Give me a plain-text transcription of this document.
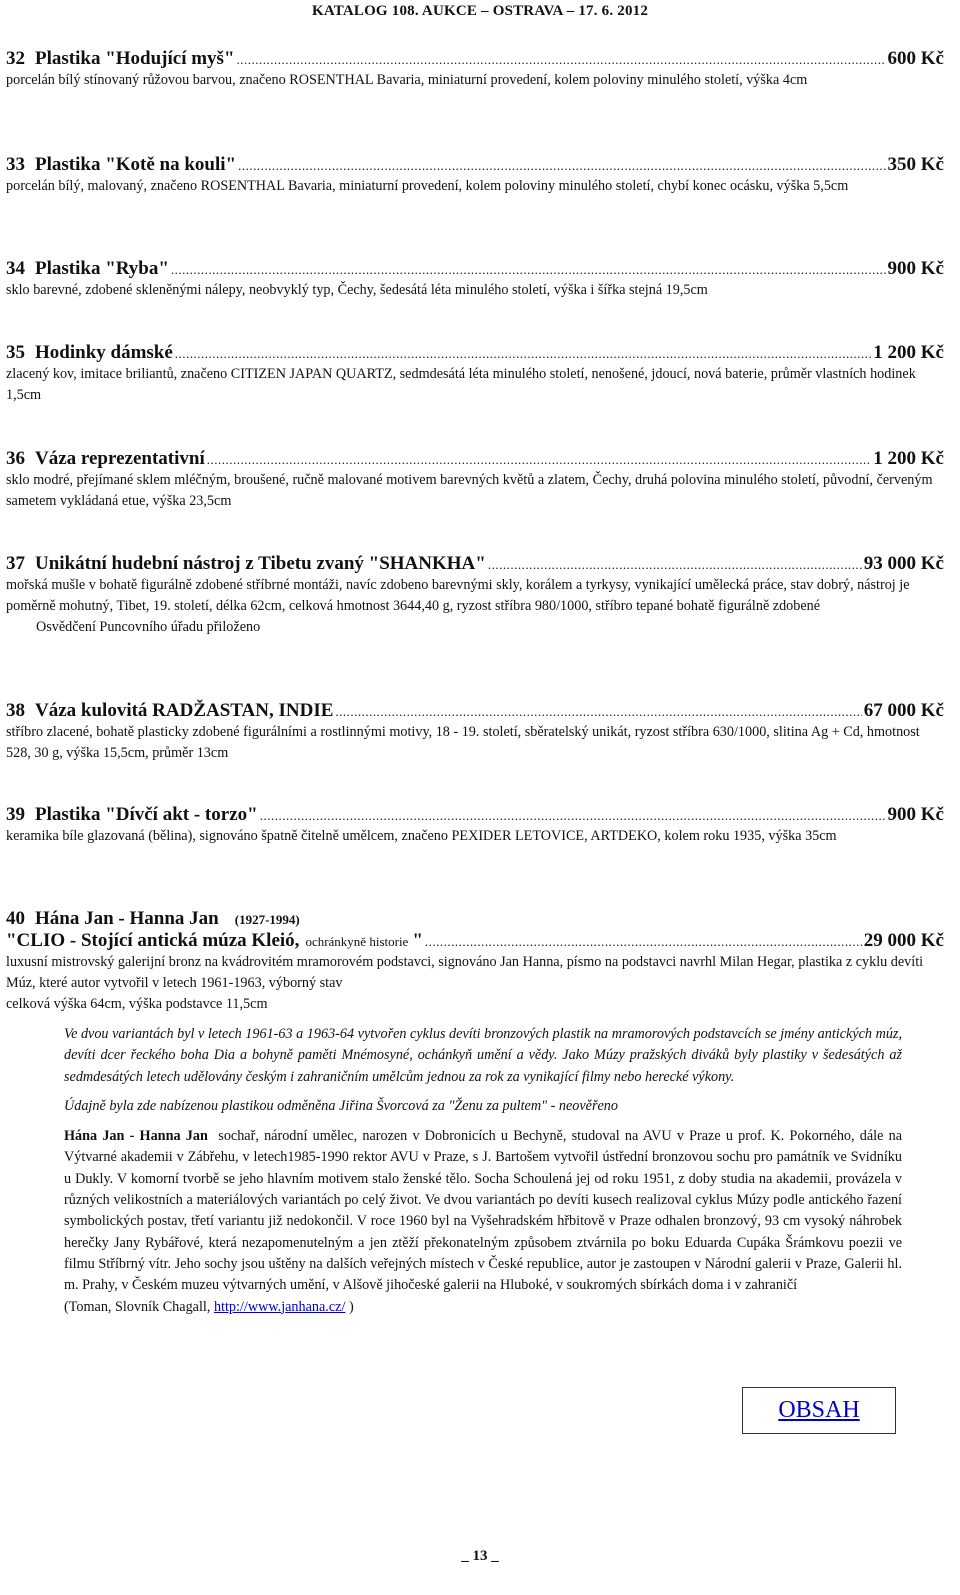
KATALOG 108. AUKCE – OSTRAVA – 17. 6. 2012
32 Plastika "Hodující myš" .....	600 Kč
porcelán bílý stínovaný růžovou barvou, značeno ROSENTHAL Bavaria, miniaturní provedení, kolem poloviny minulého století, výška 4cm
33 Plastika "Kotě na kouli" .....	350 Kč
porcelán bílý, malovaný, značeno ROSENTHAL Bavaria, miniaturní provedení, kolem poloviny minulého století, chybí konec ocásku, výška 5,5cm
34 Plastika "Ryba" .....	900 Kč
sklo barevné, zdobené skleněnými nálepy, neobvyklý typ, Čechy, šedesátá léta minulého století, výška i šířka stejná 19,5cm
35 Hodinky dámské .....	1 200 Kč
zlacený kov, imitace briliantů, značeno CITIZEN JAPAN QUARTZ, sedmdesátá léta minulého století, nenošené, jdoucí, nová baterie, průměr vlastních hodinek 1,5cm
36 Váza reprezentativní .....	1 200 Kč
sklo modré, přejímané sklem mléčným, broušené, ručně malované motivem barevných květů a zlatem, Čechy, druhá polovina minulého století, původní, červeným sametem vykládaná etue, výška 23,5cm
37 Unikátní hudební nástroj z Tibetu zvaný "SHANKHA" .....	93 000 Kč
mořská mušle v bohatě figurálně zdobené stříbrné montáži, navíc zdobeno barevnými skly, korálem a tyrkysy, vynikající umělecká práce, stav dobrý, nástroj je poměrně mohutný, Tibet, 19. století, délka 62cm, celková hmotnost 3644,40 g, ryzost stříbra 980/1000, stříbro tepané bohatě figurálně zdobené
Osvědčení Puncovního úřadu přiloženo
38 Váza kulovitá RADŽASTAN, INDIE .....	67 000 Kč
stříbro zlacené, bohatě plasticky zdobené figurálními a rostlinnými motivy, 18 - 19. století, sběratelský unikát, ryzost stříbra 630/1000, slitina Ag + Cd, hmotnost 528, 30 g, výška 15,5cm, průměr 13cm
39 Plastika "Dívčí akt - torzo" .....	900 Kč
keramika bíle glazovaná (bělina), signováno špatně čitelně umělcem, značeno PEXIDER LETOVICE, ARTDEKO, kolem roku 1935, výška 35cm
40 Hána Jan - Hanna Jan (1927-1994)
"CLIO - Stojící antická múza Kleió, ochránkyně historie " .....	29 000 Kč
luxusní mistrovský galerijní bronz na kvádrovitém mramorovém podstavci, signováno Jan Hanna, písmo na podstavci navrhl Milan Hegar, plastika z cyklu devíti Múz, které autor vytvořil v letech 1961-1963, výborný stav
celková výška 64cm, výška podstavce 11,5cm

Ve dvou variantách byl v letech 1961-63 a 1963-64 vytvořen cyklus devíti bronzových plastik na mramorových podstavcích se jmény antických múz, devíti dcer řeckého boha Dia a bohyně paměti Mnémosyné, ochánkyň umění a vědy. Jako Múzy pražských diváků byly plastiky v šedesátých až sedmdesátých letech udělovány českým i zahraničním umělcům jednou za rok za vynikající filmy nebo herecké výkony.

Údajně byla zde nabízenou plastikou odměněna Jiřina Švorcová za "Ženu za pultem" - neověřeno

Hána Jan - Hanna Jan sochař, národní umělec, narozen v Dobronicích u Bechyně, studoval na AVU v Praze u prof. K. Pokorného, dále na Výtvarné akademii v Zábřehu, v letech1985-1990 rektor AVU v Praze, s J. Bartošem vytvořil ústřední bronzovou sochu pro památník ve Svidníku u Dukly. V komorní tvorbě se jeho hlavním motivem stalo ženské tělo. Socha Schoulená jej od roku 1951, z doby studia na akademii, provázela v různých velikostních a materiálových variantách po celý život. Ve dvou variantách po devíti kusech realizoval cyklus Múzy podle antického řazení symbolických postav, třetí variantu již nedokončil. V roce 1960 byl na Vyšehradském hřbitově v Praze odhalen bronzový, 93 cm vysoký náhrobek herečky Jany Rybářové, která nezapomenutelným a jen ztěží překonatelným způsobem ztvárnila po boku Eduarda Cupáka Šrámkovu poezii ve filmu Stříbrný vítr. Jeho sochy jsou uštěny na dalších veřejných místech v České republice, autor je zastoupen v Národní galerii v Praze, Galerii hl. m. Prahy, v Českém muzeu výtvarných umění, v Alšově jihočeské galerii na Hluboké, v soukromých sbírkách doma i v zahraničí

(Toman, Slovník Chagall, http://www.janhana.cz/ )

OBSAH
_ 13 _
